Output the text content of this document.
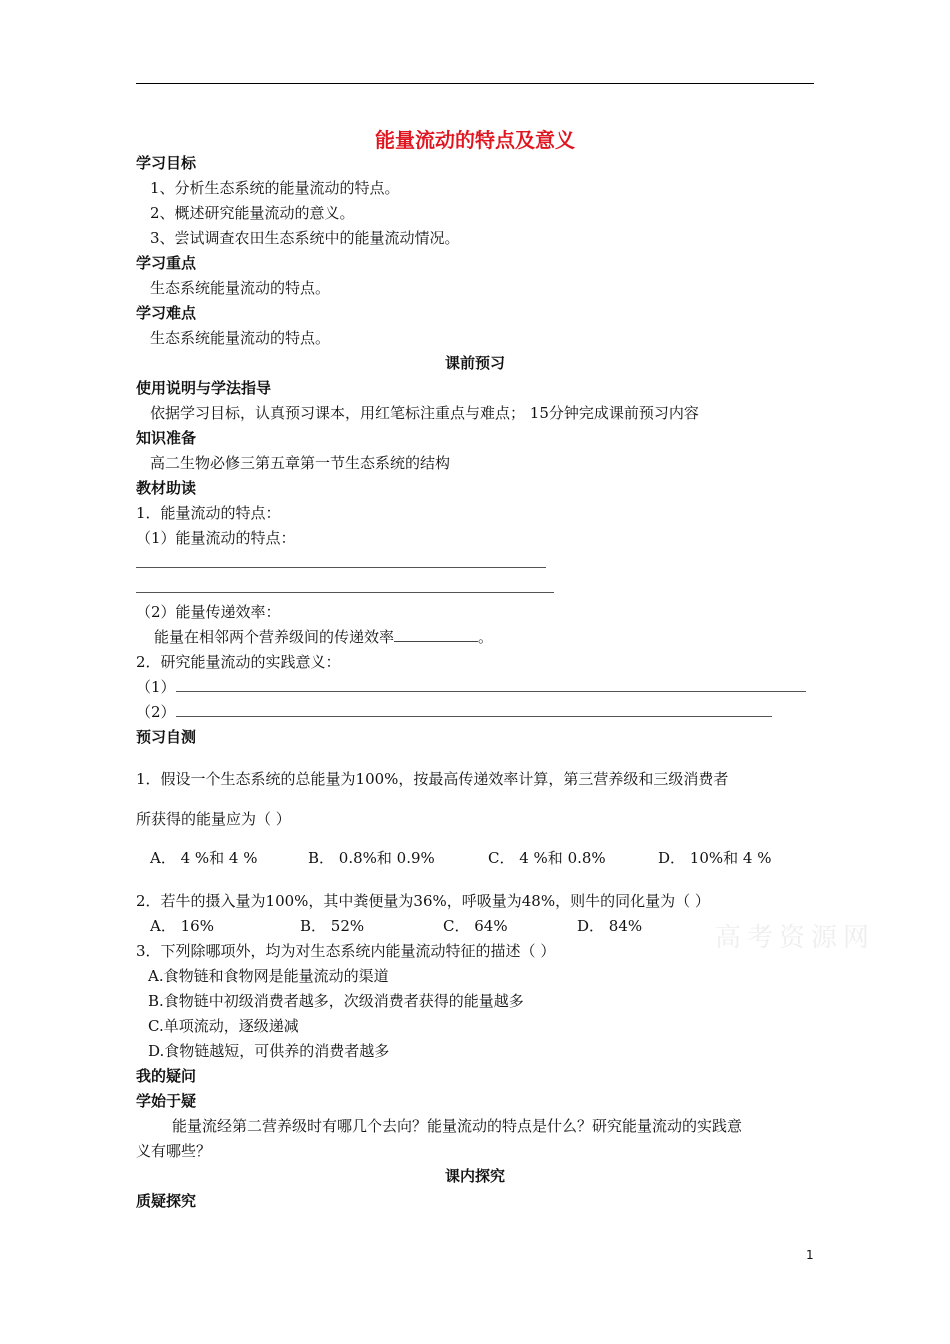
能量流动的特点及意义
学习目标
1、分析生态系统的能量流动的特点。
2、概述研究能量流动的意义。
3、尝试调查农田生态系统中的能量流动情况。
学习重点
生态系统能量流动的特点。
学习难点
生态系统能量流动的特点。
课前预习
使用说明与学法指导
依据学习目标，认真预习课本，用红笔标注重点与难点； 15分钟完成课前预习内容
知识准备
高二生物必修三第五章第一节生态系统的结构
教材助读
1．能量流动的特点：
（1）能量流动的特点：
（2）能量传递效率：
能量在相邻两个营养级间的传递效率	。
2．研究能量流动的实践意义：
（1）
（2）
预习自测
1．假设一个生态系统的总能量为100%，按最高传递效率计算，第三营养级和三级消费者
所获得的能量应为（ ）
A． 4 %和 4 %	B． 0.8%和 0.9%	C． 4 %和 0.8%	D． 10%和 4 %
2．若牛的摄入量为100%，其中粪便量为36%，呼吸量为48%，则牛的同化量为（ ）
A． 16%	B． 52%	C． 64%	D． 84%
3．下列除哪项外，均为对生态系统内能量流动特征的描述（ ）
A.食物链和食物网是能量流动的渠道
B.食物链中初级消费者越多，次级消费者获得的能量越多
C.单项流动，逐级递减
D.食物链越短，可供养的消费者越多
我的疑问
学始于疑
能量流经第二营养级时有哪几个去向？能量流动的特点是什么？研究能量流动的实践意
义有哪些？
课内探究
质疑探究
高考资源网
1
